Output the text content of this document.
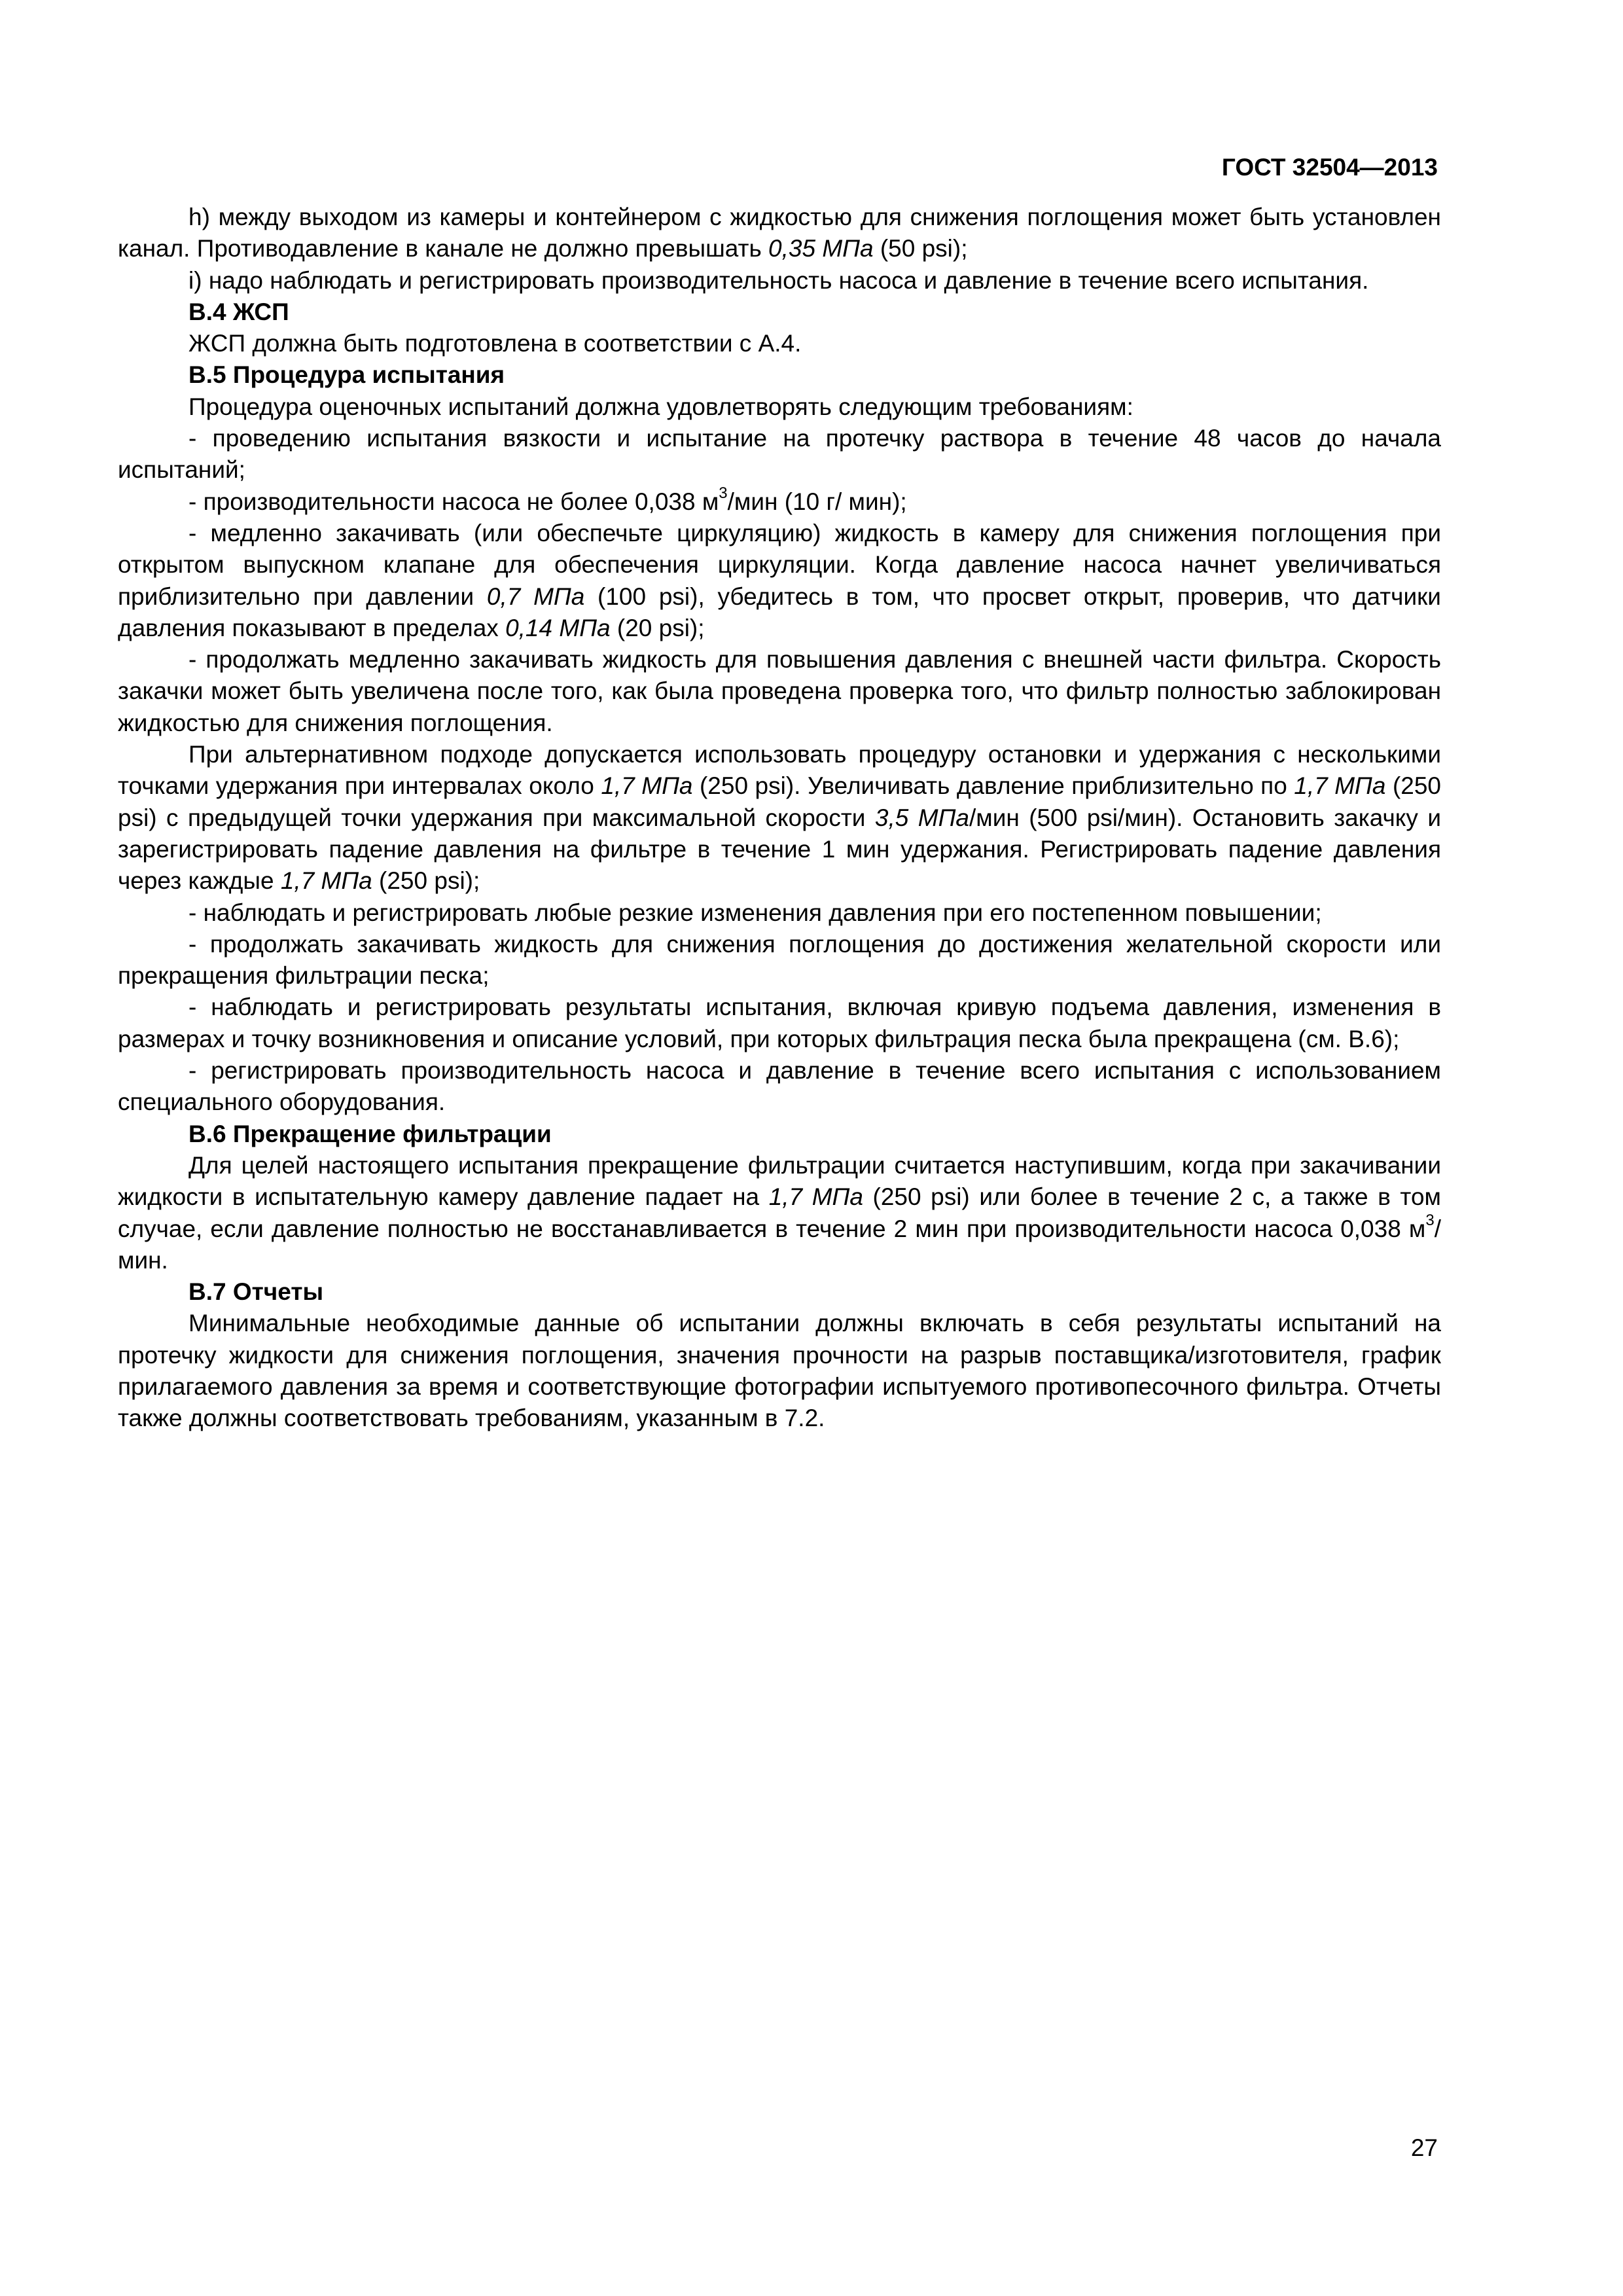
ГОСТ 32504—2013

h) между выходом из камеры и контейнером с жидкостью для снижения поглощения может быть установлен канал. Противодавление в канале не должно превышать 0,35 МПа (50 psi);

i) надо наблюдать и регистрировать производительность насоса и давление в течение всего испытания.

В.4 ЖСП

ЖСП должна быть подготовлена в соответствии с А.4.

В.5 Процедура испытания

Процедура оценочных испытаний должна удовлетворять следующим требованиям:

- проведению испытания вязкости и испытание на протечку раствора в течение 48 часов до начала испытаний;

- производительности насоса не более 0,038 $м^3$/мин (10 г/ мин);

- медленно закачивать (или обеспечьте циркуляцию) жидкость в камеру для снижения поглощения при открытом выпускном клапане для обеспечения циркуляции. Когда давление насоса начнет увеличиваться приблизительно при давлении 0,7 МПа (100 psi), убедитесь в том, что просвет открыт, проверив, что датчики давления показывают в пределах 0,14 МПа (20 psi);

- продолжать медленно закачивать жидкость для повышения давления с внешней части фильтра. Скорость закачки может быть увеличена после того, как была проведена проверка того, что фильтр полностью заблокирован жидкостью для снижения поглощения.

При альтернативном подходе допускается использовать процедуру остановки и удержания с несколькими точками удержания при интервалах около 1,7 МПа (250 psi). Увеличивать давление приблизительно по 1,7 МПа (250 psi) с предыдущей точки удержания при максимальной скорости 3,5 МПа/мин (500 psi/мин). Остановить закачку и зарегистрировать падение давления на фильтре в течение 1 мин удержания. Регистрировать падение давления через каждые 1,7 МПа (250 psi);

- наблюдать и регистрировать любые резкие изменения давления при его постепенном повышении;

- продолжать закачивать жидкость для снижения поглощения до достижения желательной скорости или прекращения фильтрации песка;

- наблюдать и регистрировать результаты испытания, включая кривую подъема давления, изменения в размерах и точку возникновения и описание условий, при которых фильтрация песка была прекращена (см. В.6);

- регистрировать производительность насоса и давление в течение всего испытания с использованием специального оборудования.

В.6 Прекращение фильтрации

Для целей настоящего испытания прекращение фильтрации считается наступившим, когда при закачивании жидкости в испытательную камеру давление падает на 1,7 МПа (250 psi) или более в течение 2 с, а также в том случае, если давление полностью не восстанавливается в течение 2 мин при производительности насоса 0,038 $м^3$/мин.

В.7 Отчеты

Минимальные необходимые данные об испытании должны включать в себя результаты испытаний на протечку жидкости для снижения поглощения, значения прочности на разрыв поставщика/изготовителя, график прилагаемого давления за время и соответствующие фотографии испытуемого противопесочного фильтра. Отчеты также должны соответствовать требованиям, указанным в 7.2.

27
